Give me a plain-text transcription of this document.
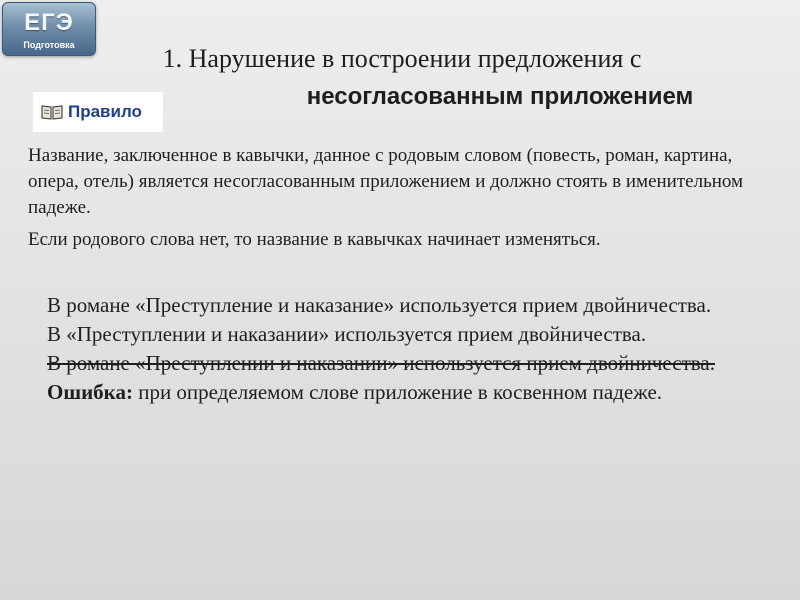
ЕГЭ
Подготовка	1. Нарушение в построении предложения с
несогласованным приложением
Правило

Название, заключенное в кавычки, данное с родовым словом (повесть, роман, картина, опера, отель) является несогласованным приложением и должно стоять в именительном падеже.

Если родового слова нет, то название в кавычках начинает изменяться.

В романе «Преступление и наказание» используется прием двойничества.

В «Преступлении и наказании» используется прием двойничества.

В романе «Преступлении и наказании» используется прием двойничества.

Ошибка: при определяемом слове приложение в косвенном падеже.
